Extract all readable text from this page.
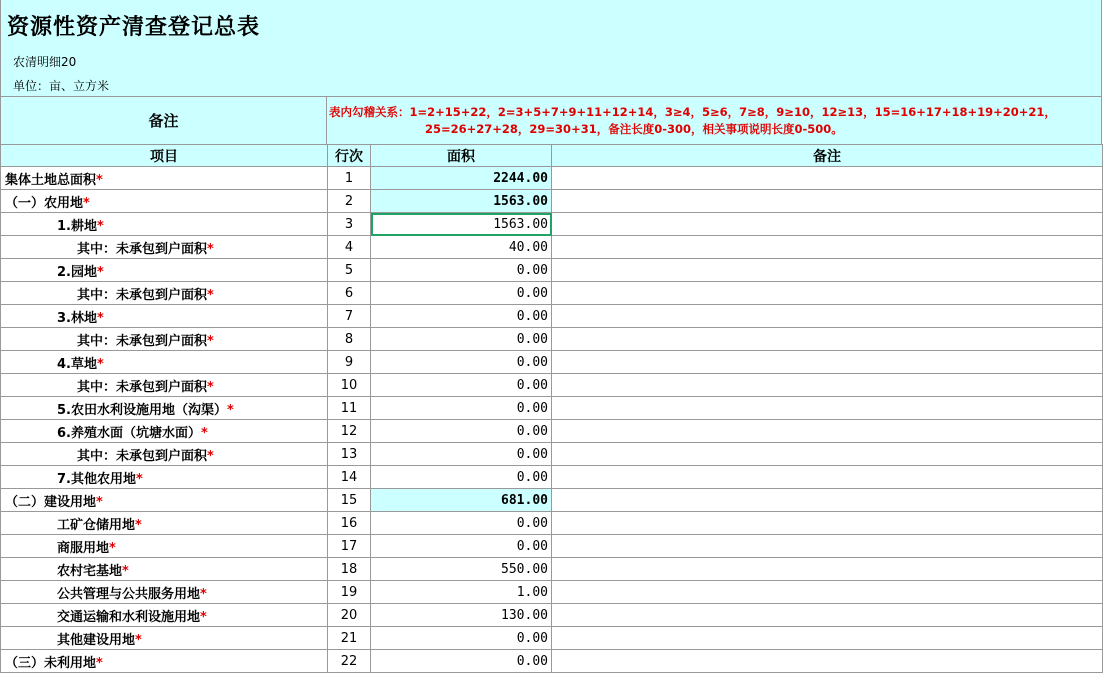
资源性资产清查登记总表
农清明细20
单位：亩、立方米
备注	表内勾稽关系：1=2+15+22，2=3+5+7+9+11+12+14，3≥4，5≥6，7≥8，9≥10，12≥13，15=16+17+18+19+20+21，
25=26+27+28，29=30+31，备注长度0-300，相关事项说明长度0-500。
项目	行次	面积	备注
集体土地总面积*	1	2244.00	
（一）农用地*	2	1563.00	
1.耕地*	3	1563.00	
其中：未承包到户面积*	4	40.00	
2.园地*	5	0.00	
其中：未承包到户面积*	6	0.00	
3.林地*	7	0.00	
其中：未承包到户面积*	8	0.00	
4.草地*	9	0.00	
其中：未承包到户面积*	10	0.00	
5.农田水利设施用地（沟渠）*	11	0.00	
6.养殖水面（坑塘水面）*	12	0.00	
其中：未承包到户面积*	13	0.00	
7.其他农用地*	14	0.00	
（二）建设用地*	15	681.00	
工矿仓储用地*	16	0.00	
商服用地*	17	0.00	
农村宅基地*	18	550.00	
公共管理与公共服务用地*	19	1.00	
交通运输和水利设施用地*	20	130.00	
其他建设用地*	21	0.00	
（三）未利用地*	22	0.00	
